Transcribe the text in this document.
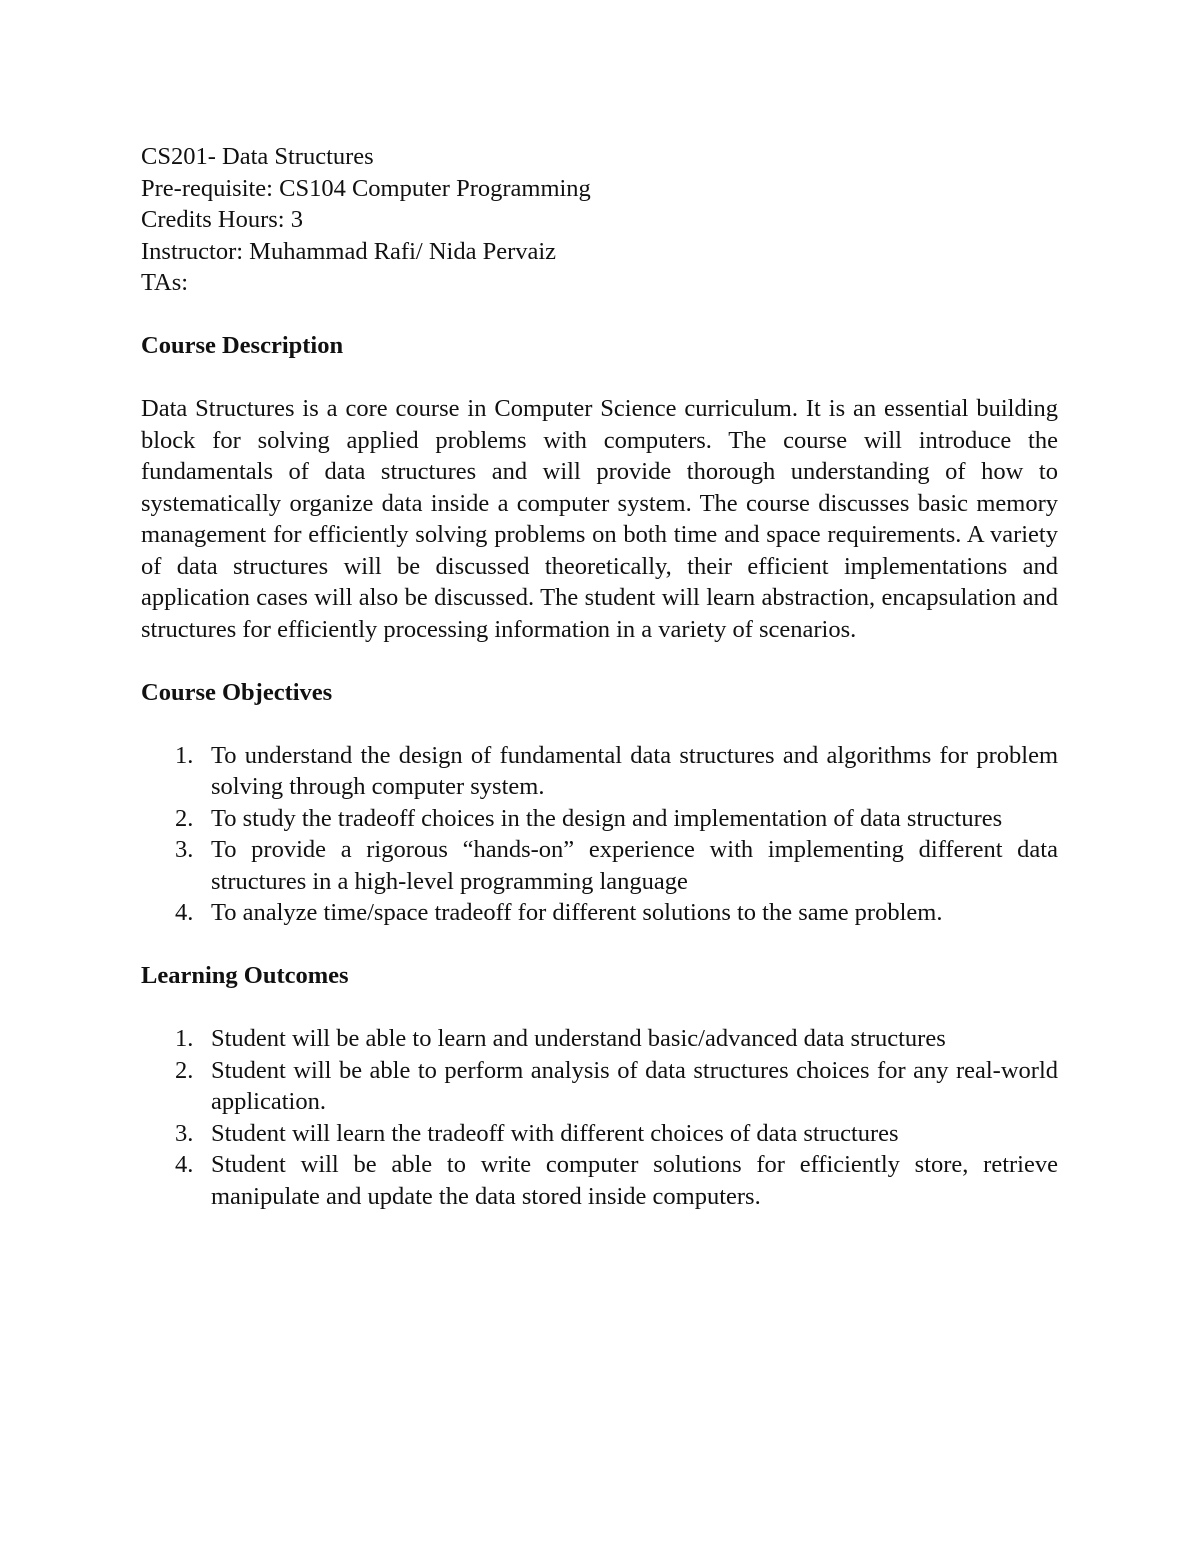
CS201- Data Structures
Pre-requisite: CS104 Computer Programming
Credits Hours: 3
Instructor: Muhammad Rafi/ Nida Pervaiz
TAs:
Course Description

Data Structures is a core course in Computer Science curriculum. It is an essential building block for solving applied problems with computers. The course will introduce the fundamentals of data structures and will provide thorough understanding of how to systematically organize data inside a computer system. The course discusses basic memory management for efficiently solving problems on both time and space requirements. A variety of data structures will be discussed theoretically, their efficient implementations and application cases will also be discussed. The student will learn abstraction, encapsulation and structures for efficiently processing information in a variety of scenarios.

Course Objectives
1. To understand the design of fundamental data structures and algorithms for problem solving through computer system.
2. To study the tradeoff choices in the design and implementation of data structures
3. To provide a rigorous “hands-on” experience with implementing different data structures in a high-level programming language
4. To analyze time/space tradeoff for different solutions to the same problem.
Learning Outcomes
1. Student will be able to learn and understand basic/advanced data structures
2. Student will be able to perform analysis of data structures choices for any real-world application.
3. Student will learn the tradeoff with different choices of data structures
4. Student will be able to write computer solutions for efficiently store, retrieve manipulate and update the data stored inside computers.
